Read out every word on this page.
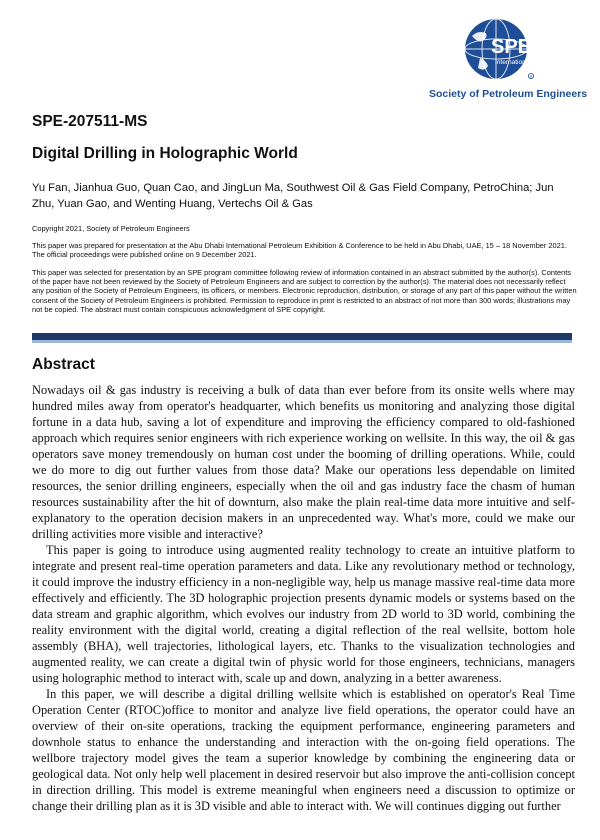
SPE
International
R
Society of Petroleum Engineers
SPE-207511-MS
Digital Drilling in Holographic World
Yu Fan, Jianhua Guo, Quan Cao, and JingLun Ma, Southwest Oil & Gas Field Company, PetroChina; Jun Zhu, Yuan Gao, and Wenting Huang, Vertechs Oil & Gas
Copyright 2021, Society of Petroleum Engineers
This paper was prepared for presentation at the Abu Dhabi International Petroleum Exhibition & Conference to be held in Abu Dhabi, UAE, 15 – 18 November 2021. The official proceedings were published online on 9 December 2021.
This paper was selected for presentation by an SPE program committee following review of information contained in an abstract submitted by the author(s). Contents of the paper have not been reviewed by the Society of Petroleum Engineers and are subject to correction by the author(s). The material does not necessarily reflect any position of the Society of Petroleum Engineers, its officers, or members. Electronic reproduction, distribution, or storage of any part of this paper without the written consent of the Society of Petroleum Engineers is prohibited. Permission to reproduce in print is restricted to an abstract of not more than 300 words; illustrations may not be copied. The abstract must contain conspicuous acknowledgment of SPE copyright.
Abstract

Nowadays oil & gas industry is receiving a bulk of data than ever before from its onsite wells where may hundred miles away from operator's headquarter, which benefits us monitoring and analyzing those digital fortune in a data hub, saving a lot of expenditure and improving the efficiency compared to old-fashioned approach which requires senior engineers with rich experience working on wellsite. In this way, the oil & gas operators save money tremendously on human cost under the booming of drilling operations. While, could we do more to dig out further values from those data? Make our operations less dependable on limited resources, the senior drilling engineers, especially when the oil and gas industry face the chasm of human resources sustainability after the hit of downturn, also make the plain real-time data more intuitive and self-explanatory to the operation decision makers in an unprecedented way. What's more, could we make our drilling activities more visible and interactive?

This paper is going to introduce using augmented reality technology to create an intuitive platform to integrate and present real-time operation parameters and data. Like any revolutionary method or technology, it could improve the industry efficiency in a non-negligible way, help us manage massive real-time data more effectively and efficiently. The 3D holographic projection presents dynamic models or systems based on the data stream and graphic algorithm, which evolves our industry from 2D world to 3D world, combining the reality environment with the digital world, creating a digital reflection of the real wellsite, bottom hole assembly (BHA), well trajectories, lithological layers, etc. Thanks to the visualization technologies and augmented reality, we can create a digital twin of physic world for those engineers, technicians, managers using holographic method to interact with, scale up and down, analyzing in a better awareness.

In this paper, we will describe a digital drilling wellsite which is established on operator's Real Time Operation Center (RTOC)office to monitor and analyze live field operations, the operator could have an overview of their on-site operations, tracking the equipment performance, engineering parameters and downhole status to enhance the understanding and interaction with the on-going field operations. The wellbore trajectory model gives the team a superior knowledge by combining the engineering data or geological data. Not only help well placement in desired reservoir but also improve the anti-collision concept in direction drilling. This model is extreme meaningful when engineers need a discussion to optimize or change their drilling plan as it is 3D visible and able to interact with. We will continues digging out further
